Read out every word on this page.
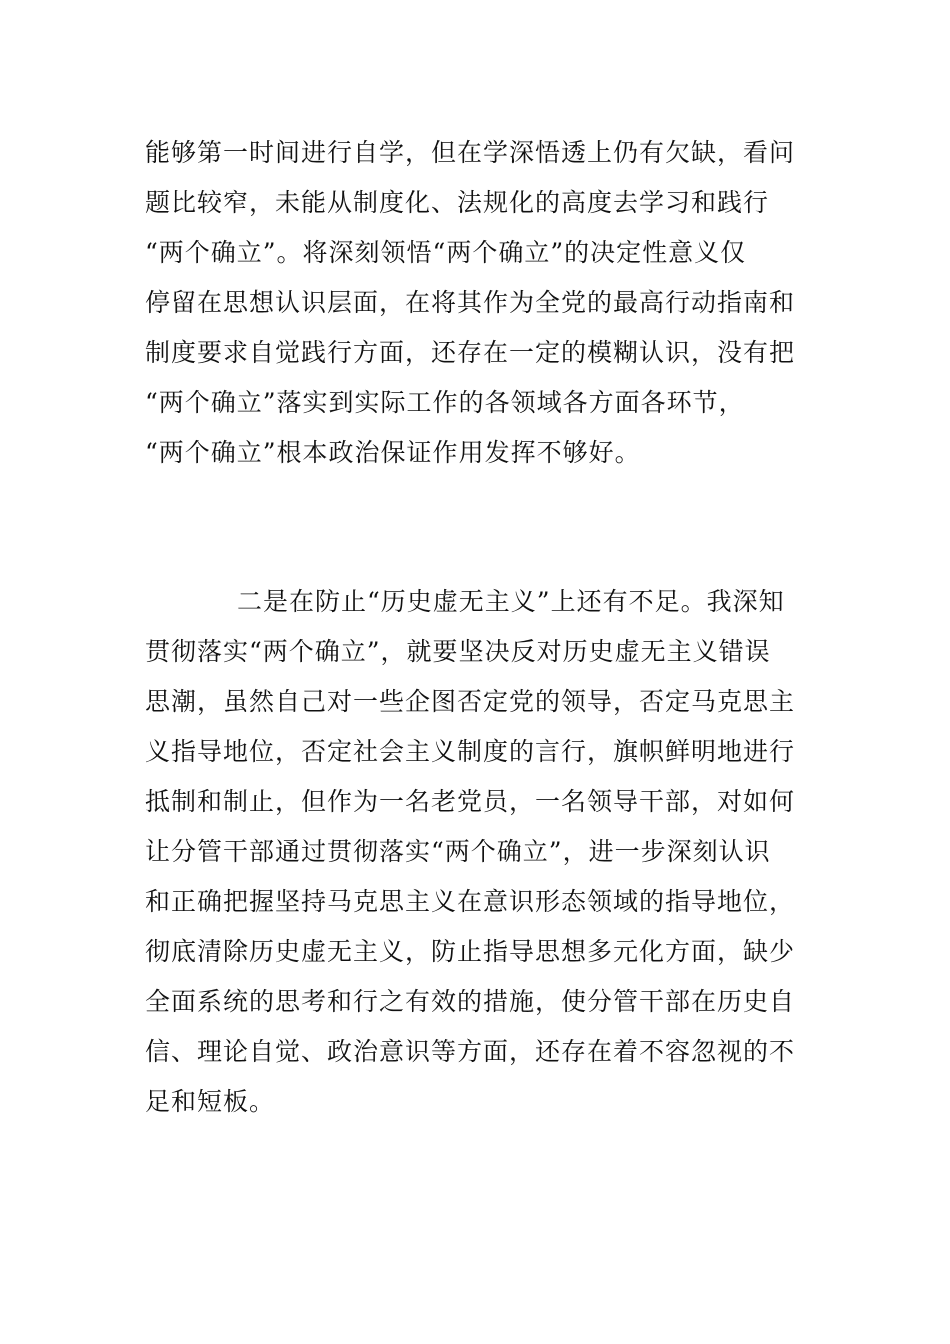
能够第一时间进行自学，但在学深悟透上仍有欠缺，看问
题比较窄，未能从制度化、法规化的高度去学习和践行
“两个确立”。将深刻领悟“两个确立”的决定性意义仅
停留在思想认识层面，在将其作为全党的最高行动指南和
制度要求自觉践行方面，还存在一定的模糊认识，没有把
“两个确立”落实到实际工作的各领域各方面各环节，
“两个确立”根本政治保证作用发挥不够好。
二是在防止“历史虚无主义”上还有不足。我深知
贯彻落实“两个确立”，就要坚决反对历史虚无主义错误
思潮，虽然自己对一些企图否定党的领导，否定马克思主
义指导地位，否定社会主义制度的言行，旗帜鲜明地进行
抵制和制止，但作为一名老党员，一名领导干部，对如何
让分管干部通过贯彻落实“两个确立”，进一步深刻认识
和正确把握坚持马克思主义在意识形态领域的指导地位，
彻底清除历史虚无主义，防止指导思想多元化方面，缺少
全面系统的思考和行之有效的措施，使分管干部在历史自
信、理论自觉、政治意识等方面，还存在着不容忽视的不
足和短板。
